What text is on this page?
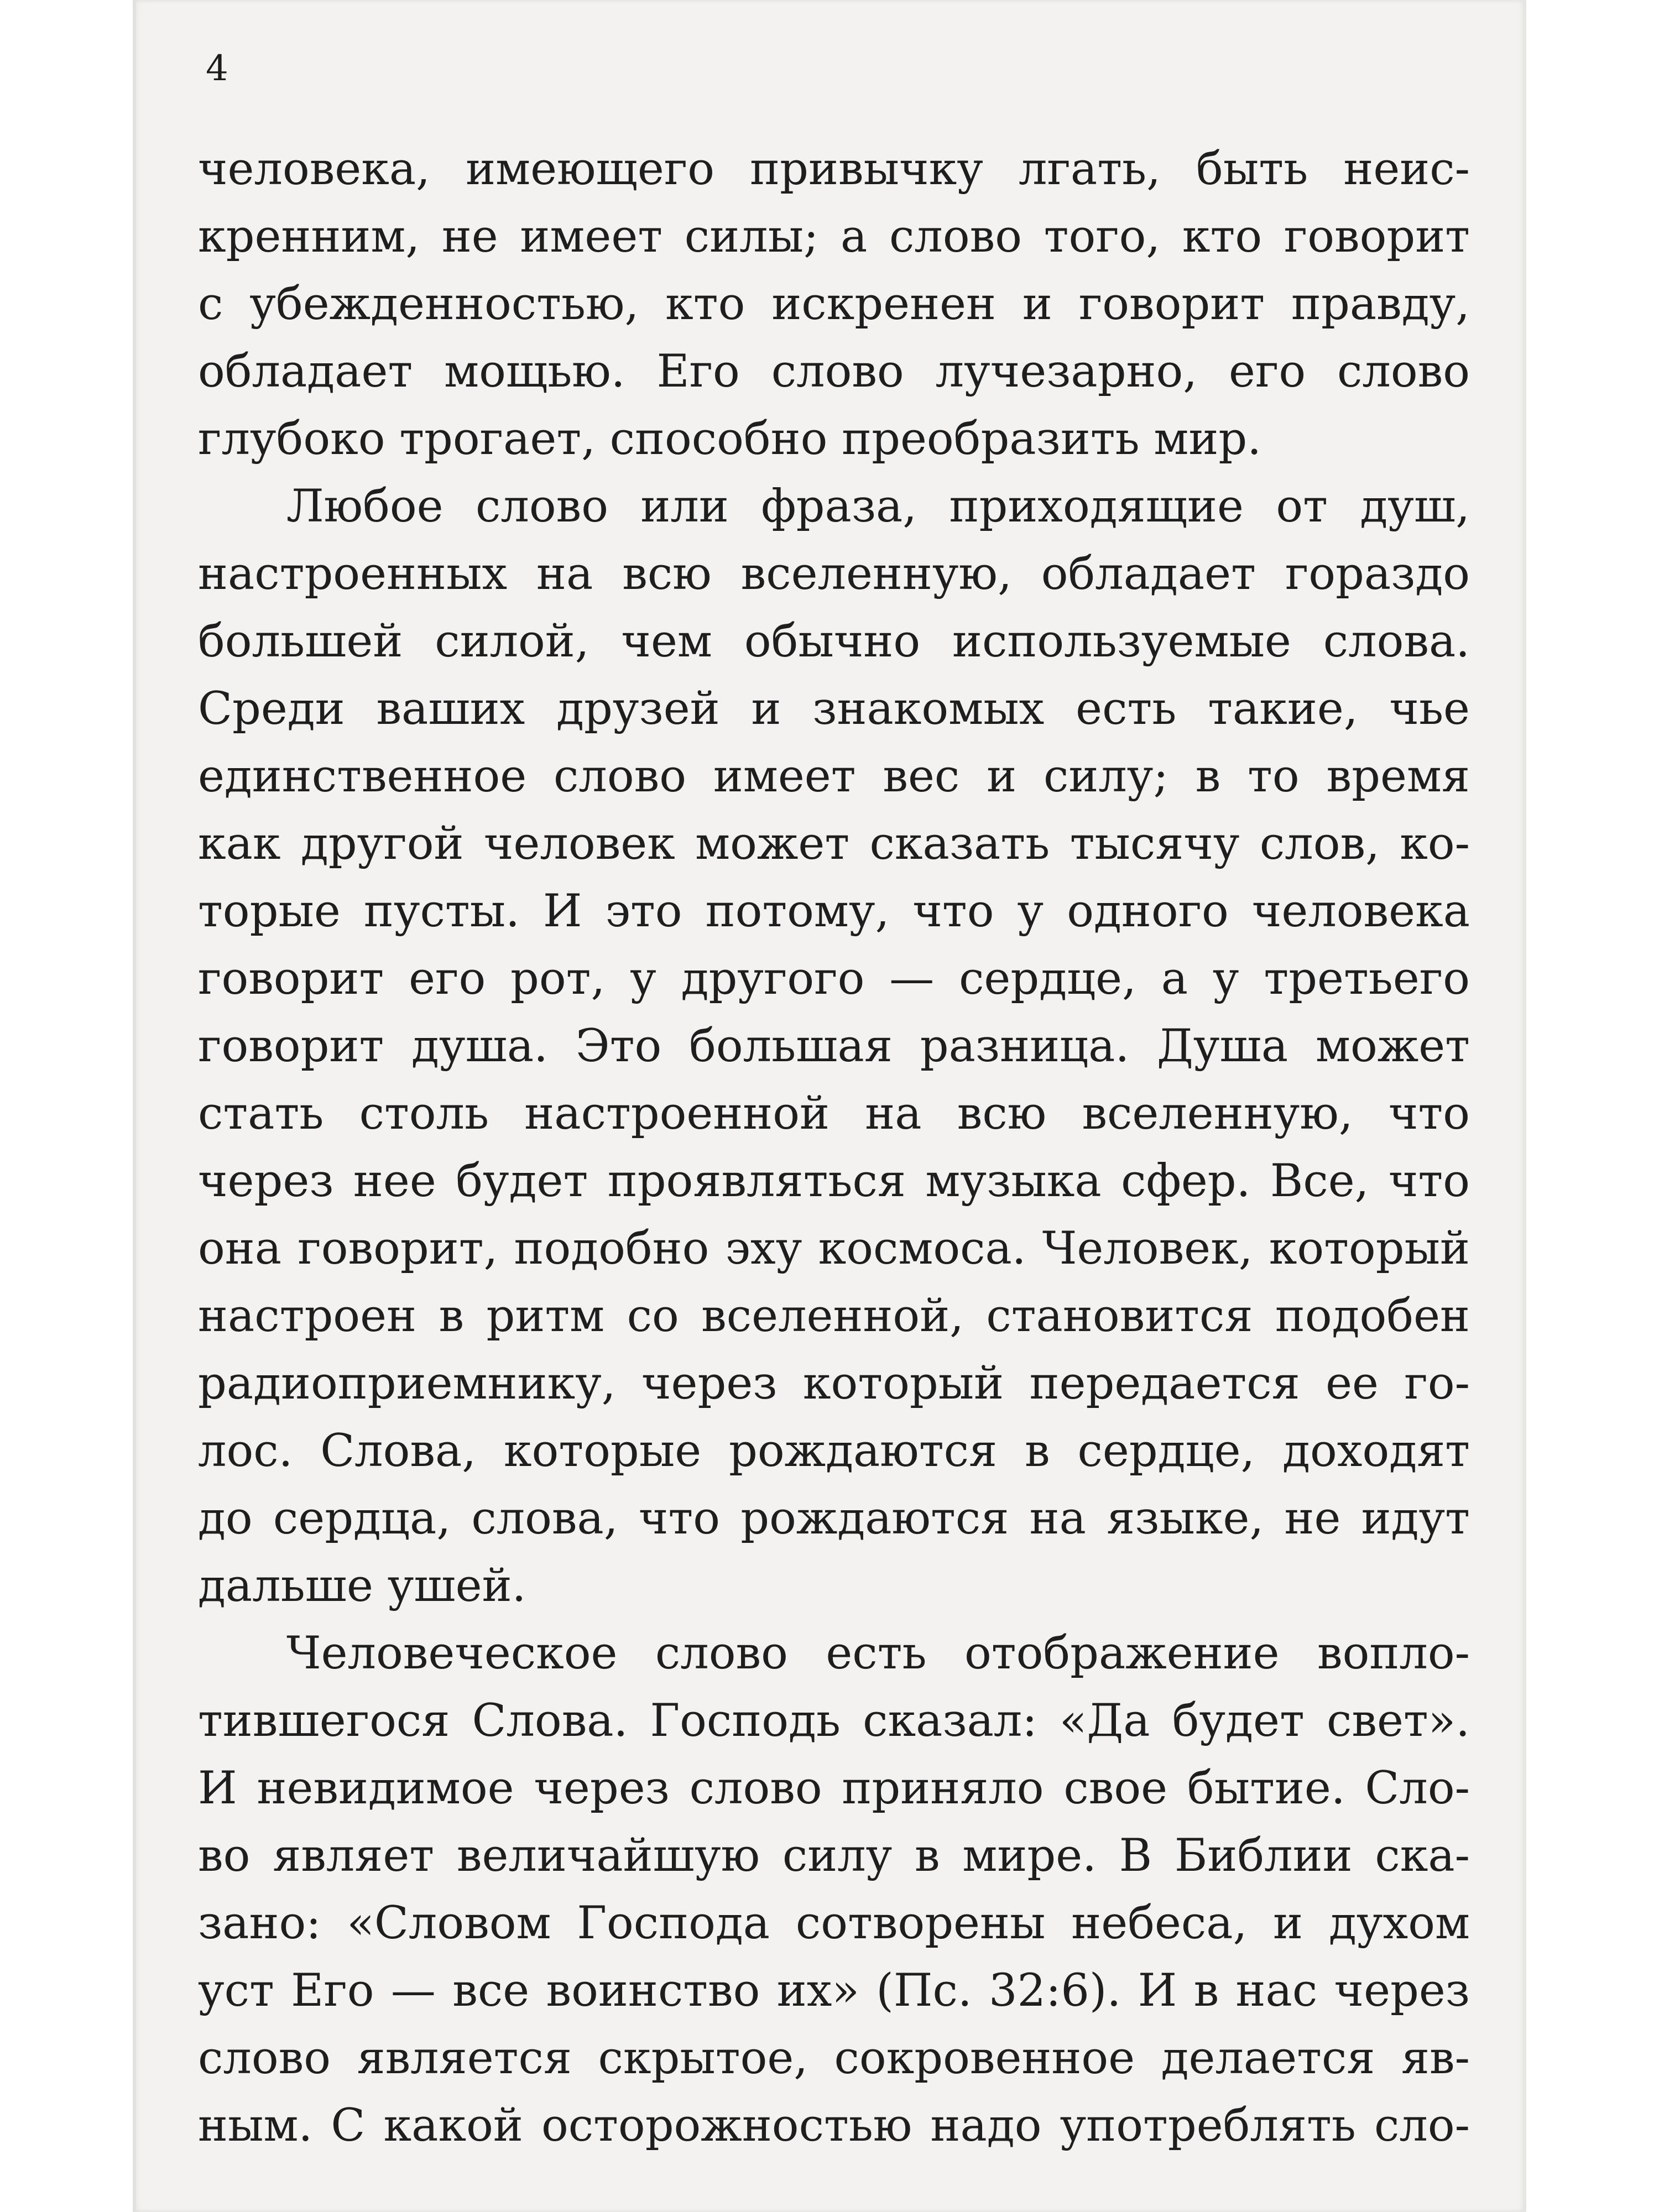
4

человека, имеющего привычку лгать, быть неис-

кренним, не имеет силы; а слово того, кто говорит

с убежденностью, кто искренен и говорит правду,

обладает мощью. Его слово лучезарно, его слово

глубоко трогает, способно преобразить мир.

Любое слово или фраза, приходящие от душ,

настроенных на всю вселенную, обладает гораздо

большей силой, чем обычно используемые слова.

Среди ваших друзей и знакомых есть такие, чье

единственное слово имеет вес и силу; в то время

как другой человек может сказать тысячу слов, ко-

торые пусты. И это потому, что у одного человека

говорит его рот, у другого — сердце, а у третьего

говорит душа. Это большая разница. Душа может

стать столь настроенной на всю вселенную, что

через нее будет проявляться музыка сфер. Все, что

она говорит, подобно эху космоса. Человек, который

настроен в ритм со вселенной, становится подобен

радиоприемнику, через который передается ее го-

лос. Слова, которые рождаются в сердце, доходят

до сердца, слова, что рождаются на языке, не идут

дальше ушей.

Человеческое слово есть отображение вопло-

тившегося Слова. Господь сказал: «Да будет свет».

И невидимое через слово приняло свое бытие. Сло-

во являет величайшую силу в мире. В Библии ска-

зано: «Словом Господа сотворены небеса, и духом

уст Его — все воинство их» (Пс. 32:6). И в нас через

слово является скрытое, сокровенное делается яв-

ным. С какой осторожностью надо употреблять сло-
